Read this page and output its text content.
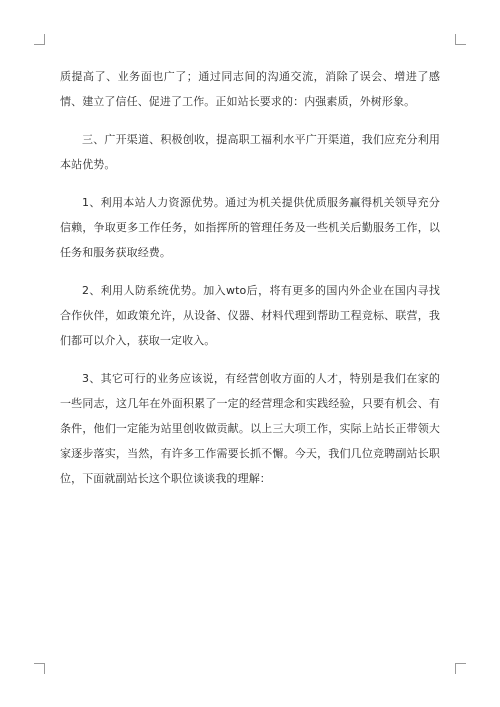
质提高了、业务面也广了；通过同志间的沟通交流，消除了误会、增进了感情、建立了信任、促进了工作。正如站长要求的：内强素质，外树形象。

三、广开渠道、积极创收，提高职工福利水平广开渠道，我们应充分利用本站优势。

1、利用本站人力资源优势。通过为机关提供优质服务赢得机关领导充分信赖，争取更多工作任务，如指挥所的管理任务及一些机关后勤服务工作，以任务和服务获取经费。

2、利用人防系统优势。加入wto后，将有更多的国内外企业在国内寻找合作伙伴，如政策允许，从设备、仪器、材料代理到帮助工程竞标、联营，我们都可以介入，获取一定收入。

3、其它可行的业务应该说，有经营创收方面的人才，特别是我们在家的一些同志，这几年在外面积累了一定的经营理念和实践经验，只要有机会、有条件，他们一定能为站里创收做贡献。以上三大项工作，实际上站长正带领大家逐步落实，当然，有许多工作需要长抓不懈。今天，我们几位竞聘副站长职位，下面就副站长这个职位谈谈我的理解：
